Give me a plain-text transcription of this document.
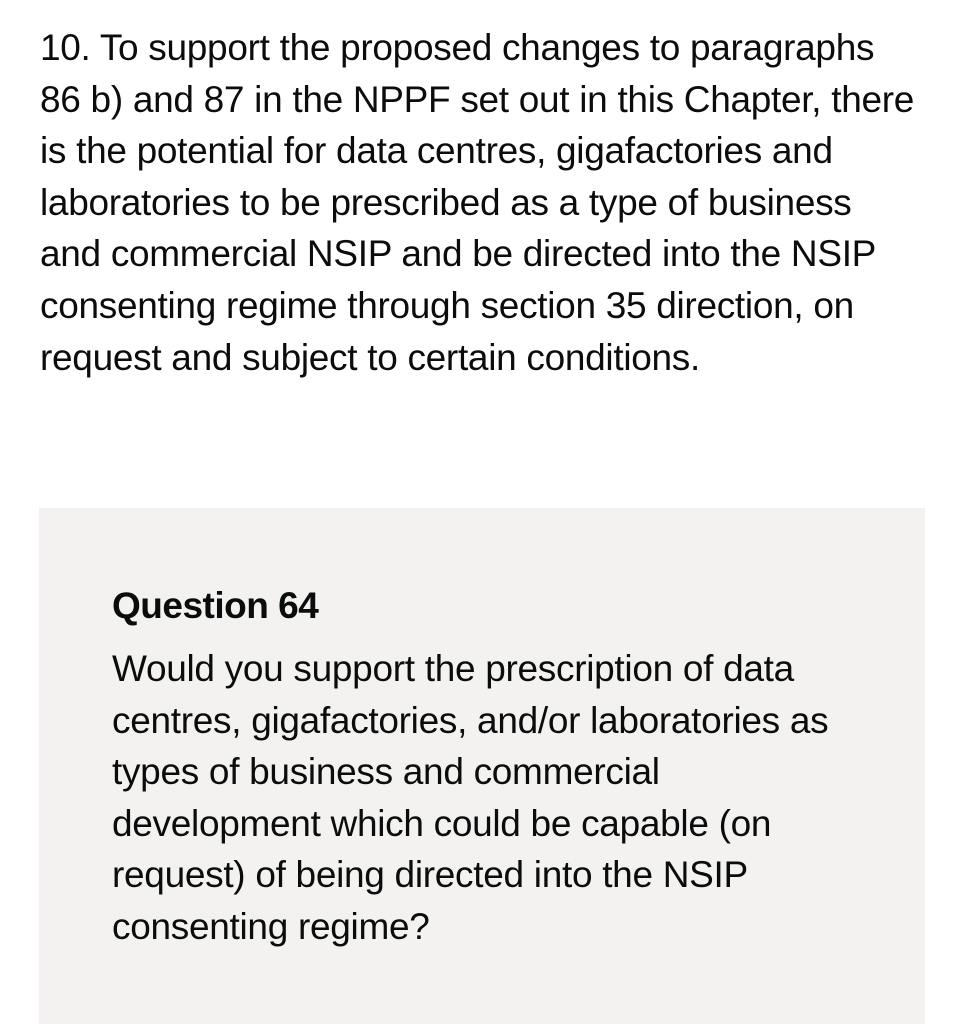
10. To support the proposed changes to paragraphs 86 b) and 87 in the NPPF set out in this Chapter, there is the potential for data centres, gigafactories and laboratories to be prescribed as a type of business and commercial NSIP and be directed into the NSIP consenting regime through section 35 direction, on request and subject to certain conditions.

Question 64

Would you support the prescription of data centres, gigafactories, and/or laboratories as types of business and commercial development which could be capable (on request) of being directed into the NSIP consenting regime?
